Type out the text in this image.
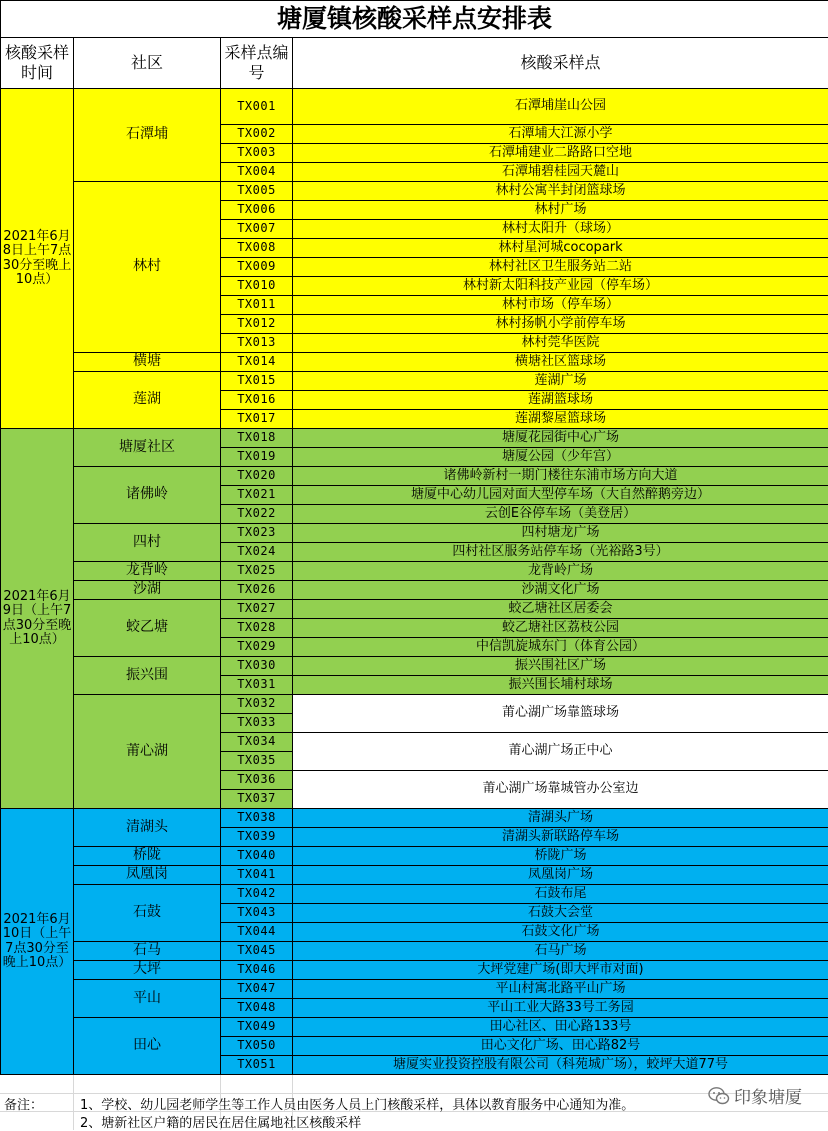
塘厦镇核酸采样点安排表			
核酸采样时间	社区	采样点编号	核酸采样点
2021年6月8日上午7点30分至晚上10点）	石潭埔	TX001	石潭埔崖山公园
		TX002	石潭埔大江源小学
		TX003	石潭埔建业二路路口空地
		TX004	石潭埔碧桂园天麓山
	林村	TX005	林村公寓半封闭篮球场
		TX006	林村广场
		TX007	林村太阳升（球场）
		TX008	林村星河城cocopark
		TX009	林村社区卫生服务站二站
		TX010	林村新太阳科技产业园（停车场）
		TX011	林村市场（停车场）
		TX012	林村扬帆小学前停车场
		TX013	林村莞华医院
	横塘	TX014	横塘社区篮球场
	莲湖	TX015	莲湖广场
		TX016	莲湖篮球场
		TX017	莲湖黎屋篮球场
2021年6月9日（上午7点30分至晚上10点）	塘厦社区	TX018	塘厦花园街中心广场
		TX019	塘厦公园（少年宫）
	诸佛岭	TX020	诸佛岭新村一期门楼往东浦市场方向大道
		TX021	塘厦中心幼儿园对面大型停车场（大自然醉鹅旁边）
		TX022	云创E谷停车场（美登居）
	四村	TX023	四村塘龙广场
		TX024	四村社区服务站停车场（光裕路3号）
	龙背岭	TX025	龙背岭广场
	沙湖	TX026	沙湖文化广场
	蛟乙塘	TX027	蛟乙塘社区居委会
		TX028	蛟乙塘社区荔枝公园
		TX029	中信凯旋城东门（体育公园）
	振兴围	TX030	振兴围社区广场
		TX031	振兴围长埔村球场
	莆心湖	TX032	莆心湖广场靠篮球场
		TX033	
		TX034	莆心湖广场正中心
		TX035	
		TX036	莆心湖广场靠城管办公室边
		TX037	
2021年6月10日（上午7点30分至晚上10点）	清湖头	TX038	清湖头广场
		TX039	清湖头新联路停车场
	桥陇	TX040	桥陇广场
	凤凰岗	TX041	凤凰岗广场
	石鼓	TX042	石鼓布尾
		TX043	石鼓大会堂
		TX044	石鼓文化广场
	石马	TX045	石马广场
	大坪	TX046	大坪党建广场(即大坪市对面)
	平山	TX047	平山村寓北路平山广场
		TX048	平山工业大路33号工务园
	田心	TX049	田心社区、田心路133号
		TX050	田心文化广场、田心路82号
		TX051	塘厦实业投资控股有限公司（科苑城广场），蛟坪大道77号
备注：	1、学校、幼儿园老师学生等工作人员由医务人员上门核酸采样，具体以教育服务中心通知为准。
2、塘新社区户籍的居民在居住属地社区核酸采样
印象塘厦
